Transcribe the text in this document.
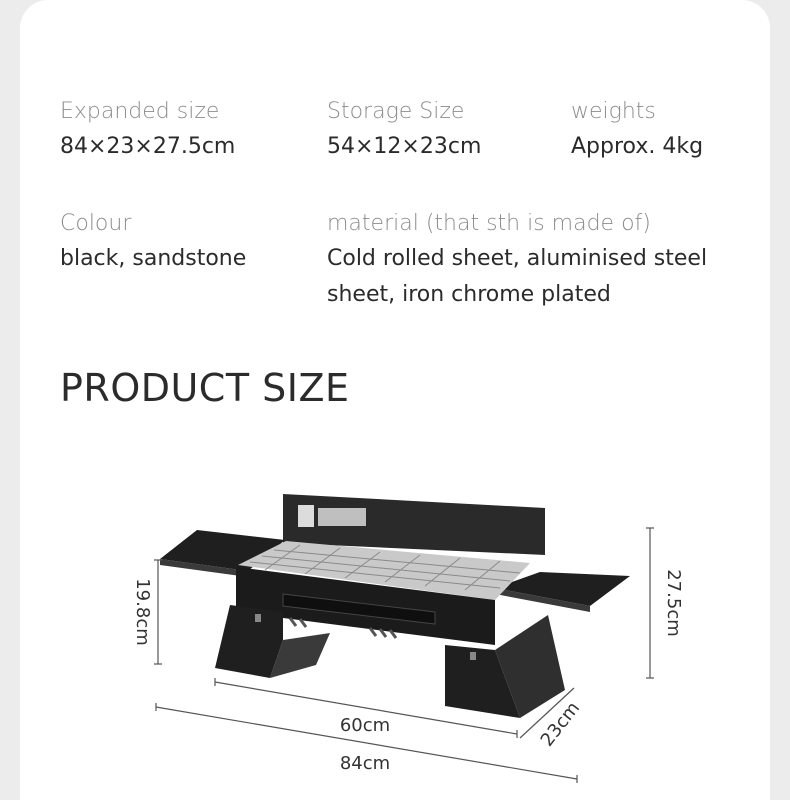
Expanded size
84×23×27.5cm
Storage Size
54×12×23cm
weights
Approx. 4kg
Colour
black, sandstone
material (that sth is made of)
Cold rolled sheet, aluminised steel sheet, iron chrome plated
PRODUCT SIZE
60cm
84cm
23cm
19.8cm	27.5cm
